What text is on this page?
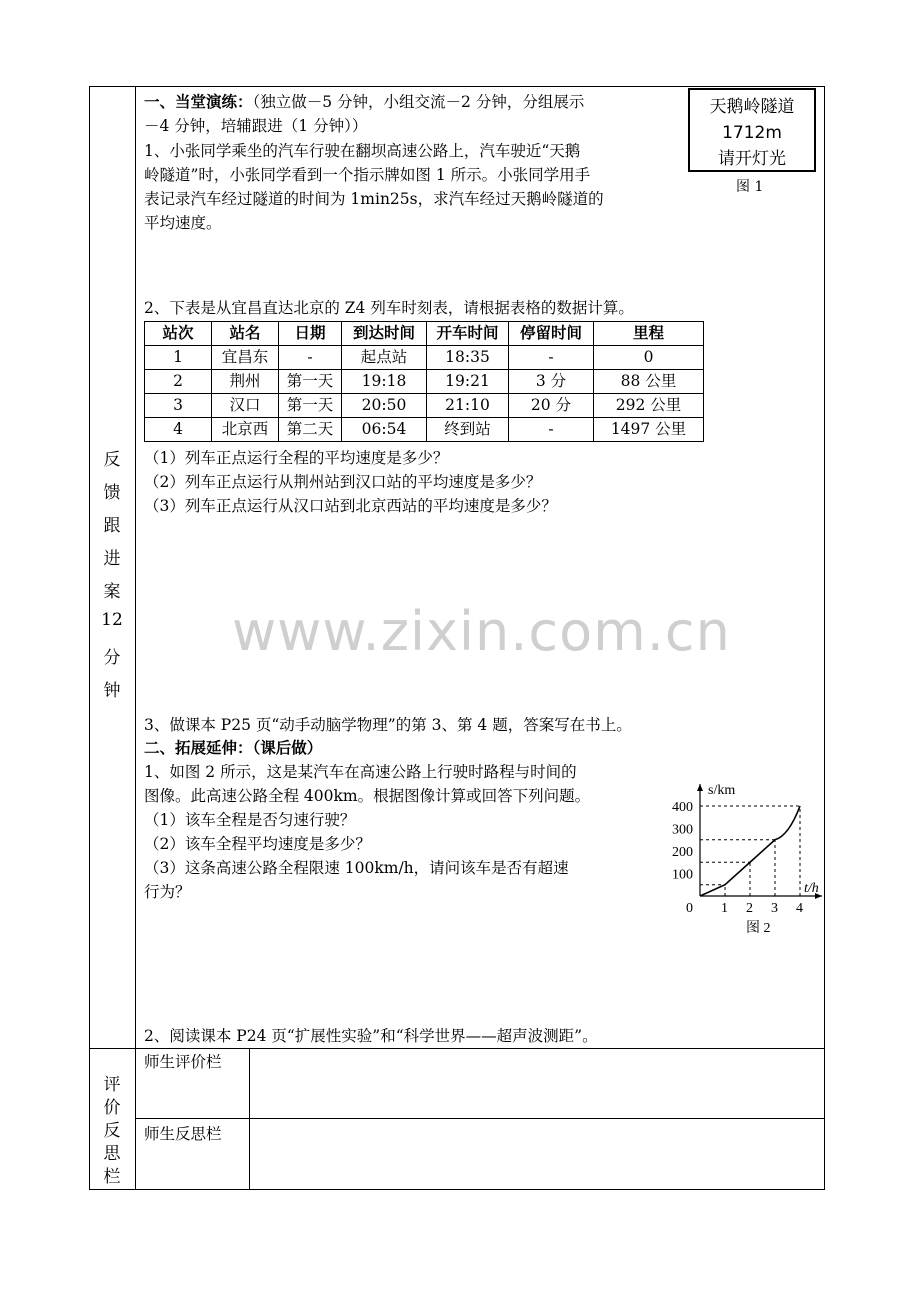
反
馈
跟
进
案
12
分
钟
评
价
反
思
栏
一、当堂演练：（独立做－5 分钟，小组交流－2 分钟，分组展示
－4 分钟，培辅跟进（1 分钟））
1、小张同学乘坐的汽车行驶在翻坝高速公路上，汽车驶近“天鹅
岭隧道”时，小张同学看到一个指示牌如图 1 所示。小张同学用手
表记录汽车经过隧道的时间为 1min25s，求汽车经过天鹅岭隧道的
平均速度。
天鹅岭隧道
1712m
请开灯光
图 1
2、下表是从宜昌直达北京的 Z4 列车时刻表，请根据表格的数据计算。
站次	站名	日期	到达时间	开车时间	停留时间	里程
1	宜昌东	-	起点站	18:35	-	0
2	荆州	第一天	19:18	19:21	3 分	88 公里
3	汉口	第一天	20:50	21:10	20 分	292 公里
4	北京西	第二天	06:54	终到站	-	1497 公里
（1）列车正点运行全程的平均速度是多少？
（2）列车正点运行从荆州站到汉口站的平均速度是多少？
（3）列车正点运行从汉口站到北京西站的平均速度是多少？
www.zixin.com.cn
3、做课本 P25 页“动手动脑学物理”的第 3、第 4 题，答案写在书上。
二、拓展延伸：（课后做）
1、如图 2 所示，这是某汽车在高速公路上行驶时路程与时间的
图像。此高速公路全程 400km。根据图像计算或回答下列问题。
（1）该车全程是否匀速行驶？
（2）该车全程平均速度是多少？
（3）这条高速公路全程限速 100km/h，请问该车是否有超速
行为？
1 2 3 4
100
200
300
400
0
t/h
s/km
图 2
2、阅读课本 P24 页“扩展性实验”和“科学世界——超声波测距”。
师生评价栏
师生反思栏
